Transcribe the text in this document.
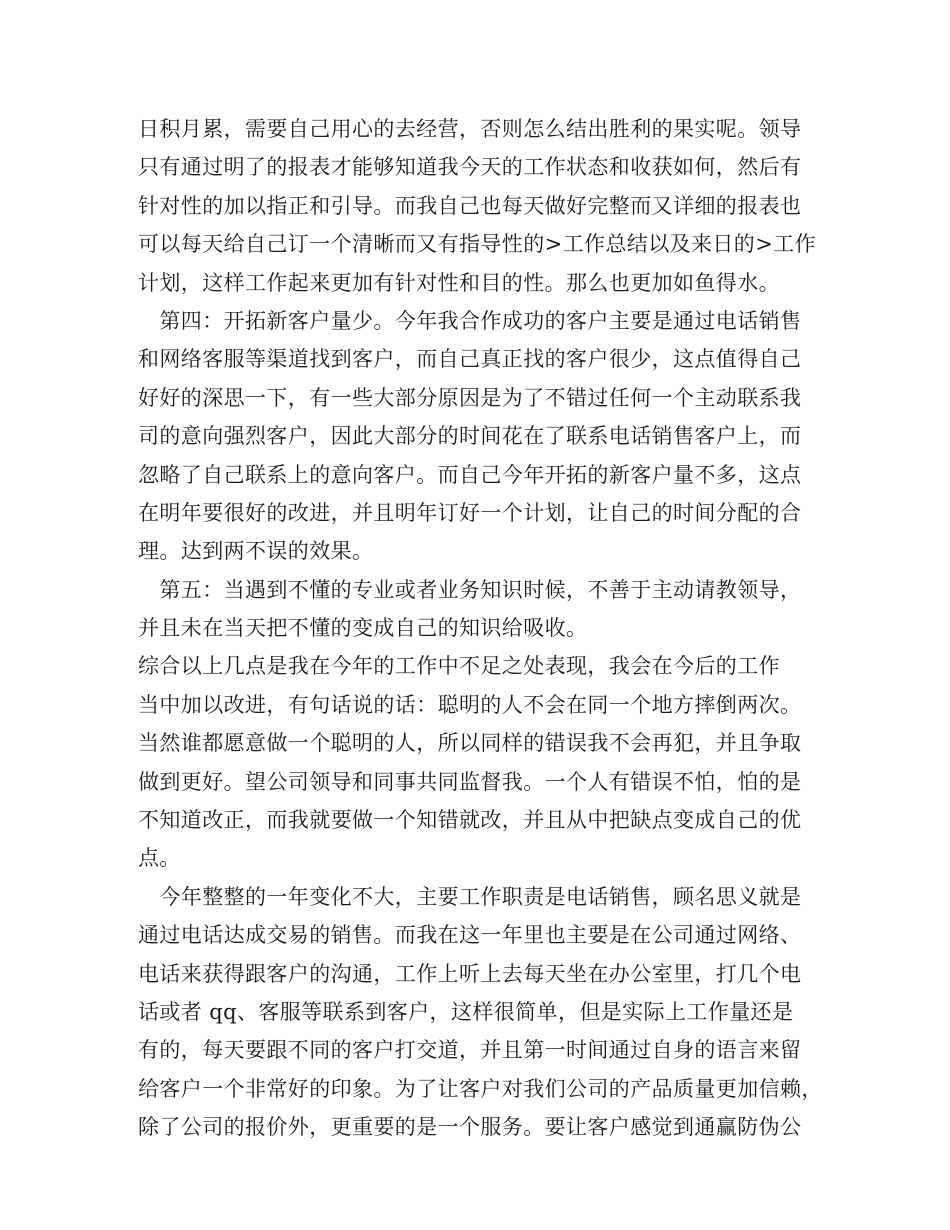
日积月累，需要自己用心的去经营，否则怎么结出胜利的果实呢。领导
只有通过明了的报表才能够知道我今天的工作状态和收获如何，然后有
针对性的加以指正和引导。而我自己也每天做好完整而又详细的报表也
可以每天给自己订一个清晰而又有指导性的>工作总结以及来日的>工作
计划，这样工作起来更加有针对性和目的性。那么也更加如鱼得水。
　第四：开拓新客户量少。今年我合作成功的客户主要是通过电话销售
和网络客服等渠道找到客户，而自己真正找的客户很少，这点值得自己
好好的深思一下，有一些大部分原因是为了不错过任何一个主动联系我
司的意向强烈客户，因此大部分的时间花在了联系电话销售客户上，而
忽略了自己联系上的意向客户。而自己今年开拓的新客户量不多，这点
在明年要很好的改进，并且明年订好一个计划，让自己的时间分配的合
理。达到两不误的效果。
　第五：当遇到不懂的专业或者业务知识时候，不善于主动请教领导，
并且未在当天把不懂的变成自己的知识给吸收。
综合以上几点是我在今年的工作中不足之处表现，我会在今后的工作
当中加以改进，有句话说的话：聪明的人不会在同一个地方摔倒两次。
当然谁都愿意做一个聪明的人，所以同样的错误我不会再犯，并且争取
做到更好。望公司领导和同事共同监督我。一个人有错误不怕，怕的是
不知道改正，而我就要做一个知错就改，并且从中把缺点变成自己的优
点。
　今年整整的一年变化不大，主要工作职责是电话销售，顾名思义就是
通过电话达成交易的销售。而我在这一年里也主要是在公司通过网络、
电话来获得跟客户的沟通，工作上听上去每天坐在办公室里，打几个电
话或者 qq、客服等联系到客户，这样很简单，但是实际上工作量还是
有的，每天要跟不同的客户打交道，并且第一时间通过自身的语言来留
给客户一个非常好的印象。为了让客户对我们公司的产品质量更加信赖，
除了公司的报价外，更重要的是一个服务。要让客户感觉到通赢防伪公
